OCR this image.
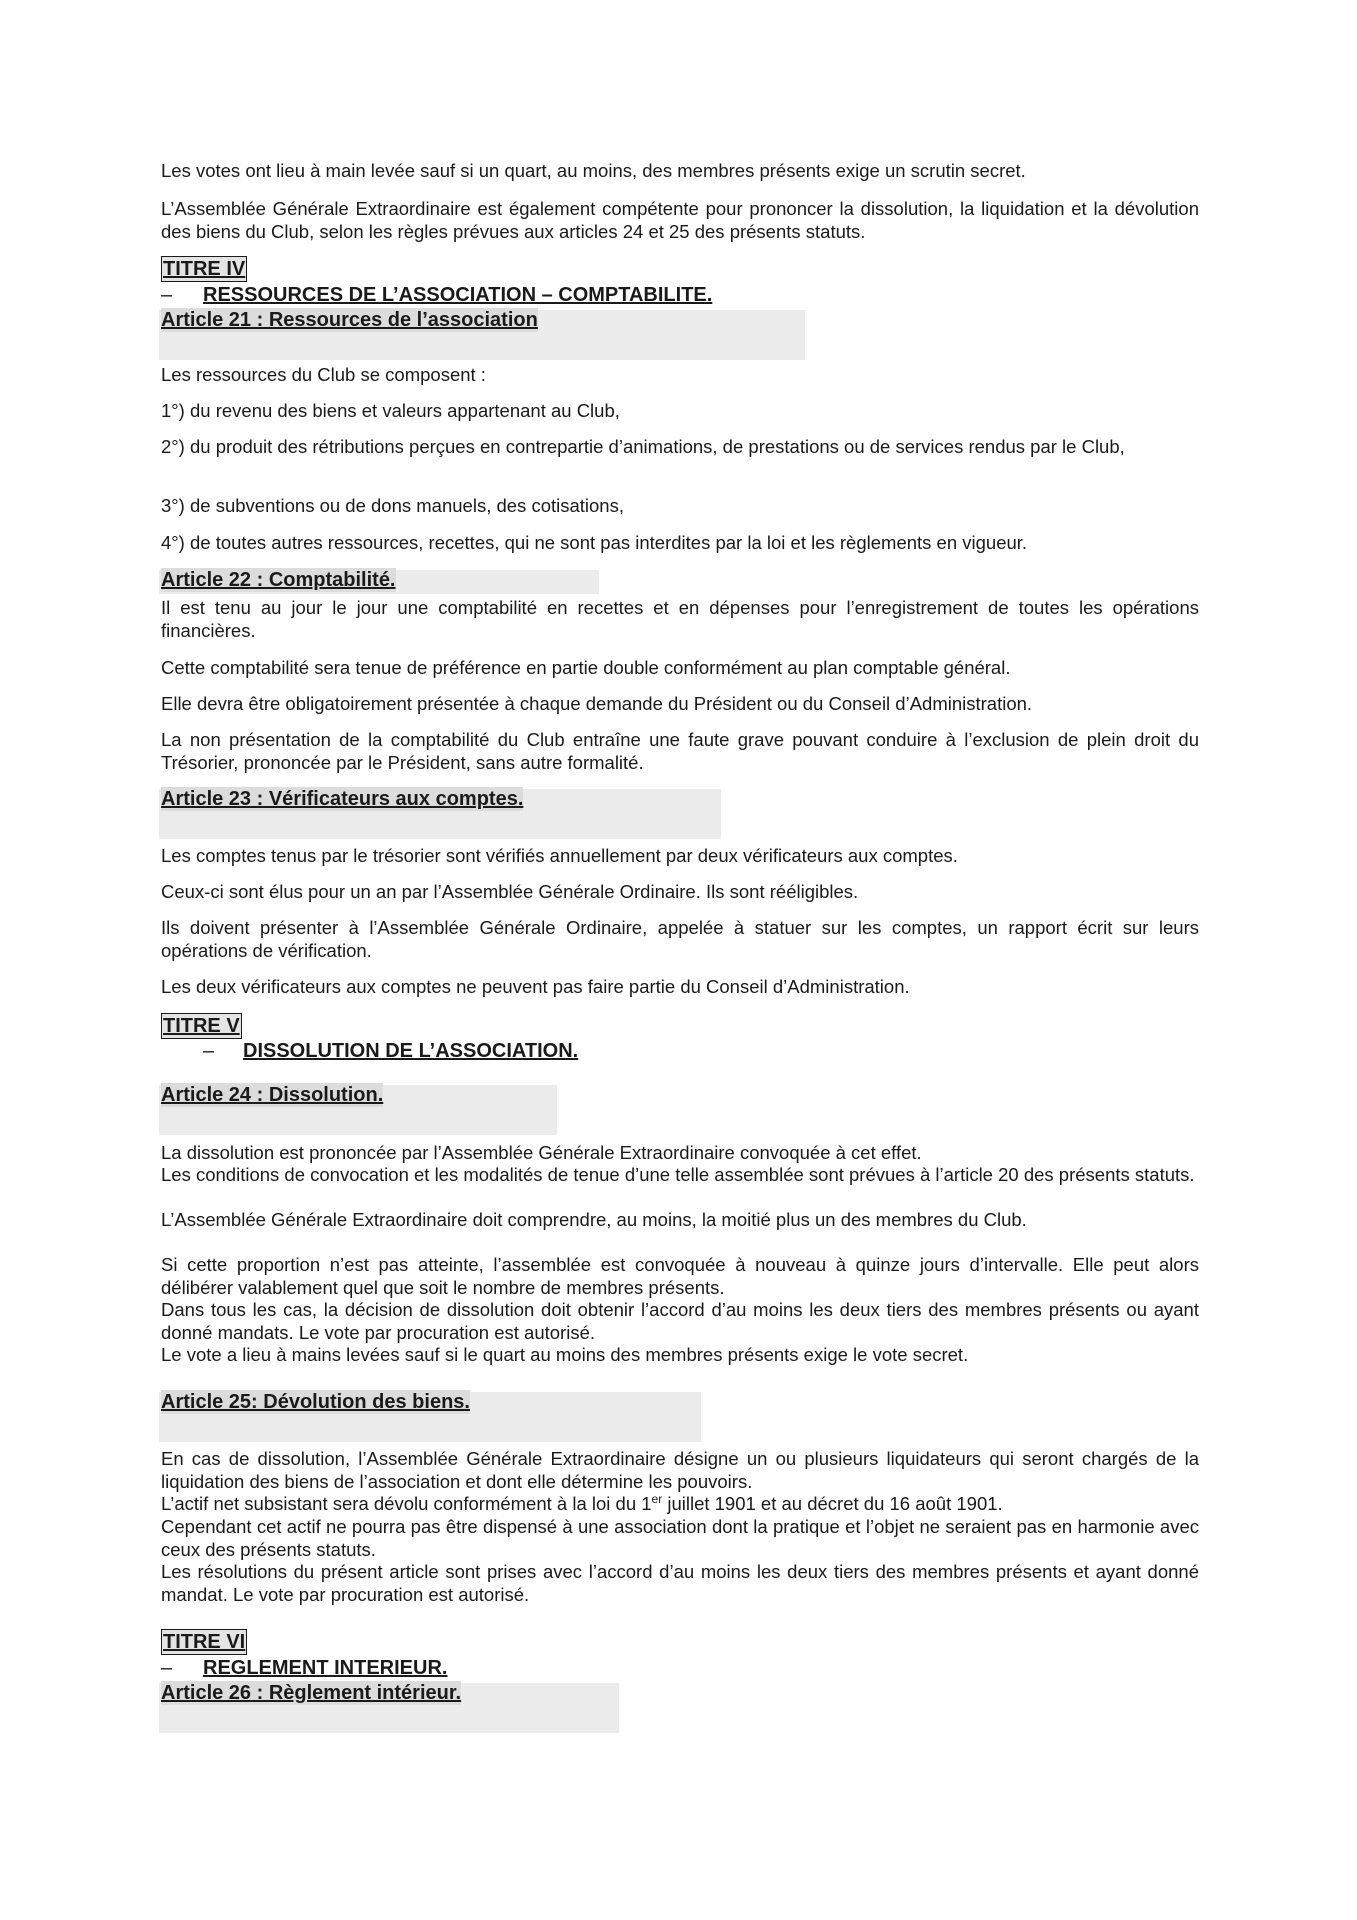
Les votes ont lieu à main levée sauf si un quart, au moins, des membres présents exige un scrutin secret.

L’Assemblée Générale Extraordinaire est également compétente pour prononcer la dissolution, la liquidation et la dévolution des biens du Club, selon les règles prévues aux articles 24 et 25 des présents statuts.

TITRE IV

– RESSOURCES DE L’ASSOCIATION – COMPTABILITE.

Article 21 : Ressources de l’association

Les ressources du Club se composent :

1°) du revenu des biens et valeurs appartenant au Club,

2°) du produit des rétributions perçues en contrepartie d’animations, de prestations ou de services rendus par le Club,

3°) de subventions ou de dons manuels, des cotisations,

4°) de toutes autres ressources, recettes, qui ne sont pas interdites par la loi et les règlements en vigueur.

Article 22 : Comptabilité.

Il est tenu au jour le jour une comptabilité en recettes et en dépenses pour l’enregistrement de toutes les opérations financières.

Cette comptabilité sera tenue de préférence en partie double conformément au plan comptable général.

Elle devra être obligatoirement présentée à chaque demande du Président ou du Conseil d’Administration.

La non présentation de la comptabilité du Club entraîne une faute grave pouvant conduire à l’exclusion de plein droit du Trésorier, prononcée par le Président, sans autre formalité.

Article 23 : Vérificateurs aux comptes.

Les comptes tenus par le trésorier sont vérifiés annuellement par deux vérificateurs aux comptes.

Ceux-ci sont élus pour un an par l’Assemblée Générale Ordinaire. Ils sont rééligibles.

Ils doivent présenter à l’Assemblée Générale Ordinaire, appelée à statuer sur les comptes, un rapport écrit sur leurs opérations de vérification.

Les deux vérificateurs aux comptes ne peuvent pas faire partie du Conseil d’Administration.

TITRE V

– DISSOLUTION DE L’ASSOCIATION.

Article 24 : Dissolution.

La dissolution est prononcée par l’Assemblée Générale Extraordinaire convoquée à cet effet.

Les conditions de convocation et les modalités de tenue d’une telle assemblée sont prévues à l’article 20 des présents statuts.

L’Assemblée Générale Extraordinaire doit comprendre, au moins, la moitié plus un des membres du Club.

Si cette proportion n’est pas atteinte, l’assemblée est convoquée à nouveau à quinze jours d’intervalle. Elle peut alors délibérer valablement quel que soit le nombre de membres présents.

Dans tous les cas, la décision de dissolution doit obtenir l’accord d’au moins les deux tiers des membres présents ou ayant donné mandats. Le vote par procuration est autorisé.

Le vote a lieu à mains levées sauf si le quart au moins des membres présents exige le vote secret.

Article 25: Dévolution des biens.

En cas de dissolution, l’Assemblée Générale Extraordinaire désigne un ou plusieurs liquidateurs qui seront chargés de la liquidation des biens de l’association et dont elle détermine les pouvoirs.

L’actif net subsistant sera dévolu conformément à la loi du 1er juillet 1901 et au décret du 16 août 1901.

Cependant cet actif ne pourra pas être dispensé à une association dont la pratique et l’objet ne seraient pas en harmonie avec ceux des présents statuts.

Les résolutions du présent article sont prises avec l’accord d’au moins les deux tiers des membres présents et ayant donné mandat. Le vote par procuration est autorisé.

TITRE VI

– REGLEMENT INTERIEUR.

Article 26 : Règlement intérieur.
